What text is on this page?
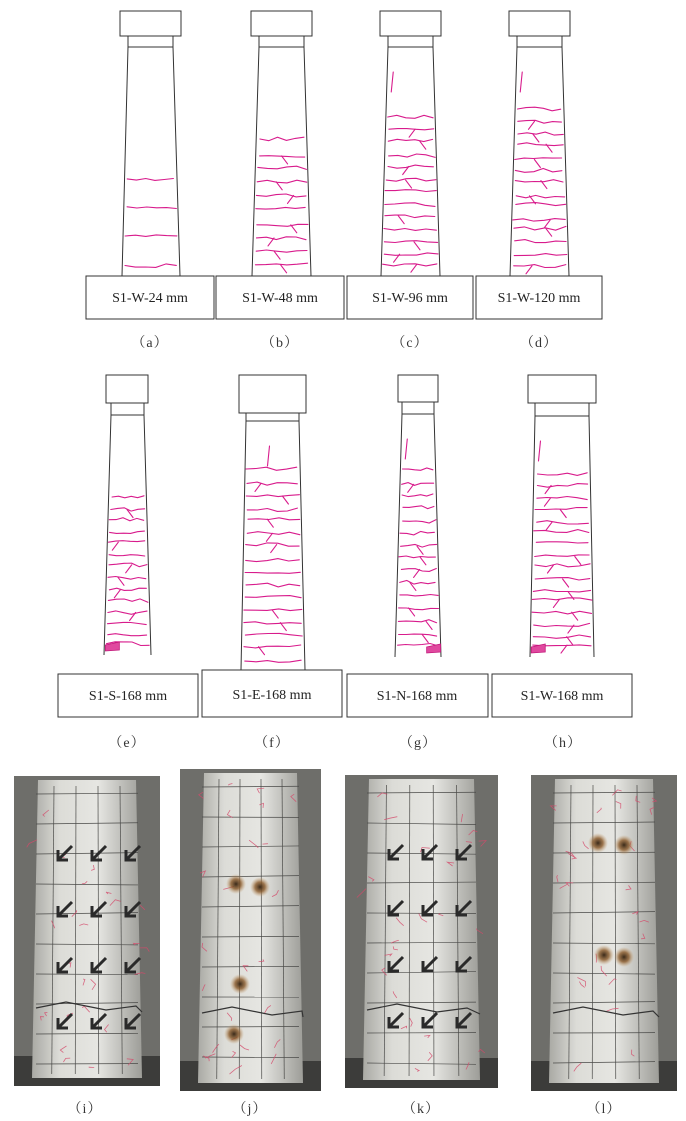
S1-W-24 mm
（a）
S1-W-48 mm
（b）
S1-W-96 mm
（c）
S1-W-120 mm
（d）
S1-S-168 mm
（e）
S1-E-168 mm
（f）
S1-N-168 mm
（g）
S1-W-168 mm
（h）
（i）	（j）	（k）	（l）
